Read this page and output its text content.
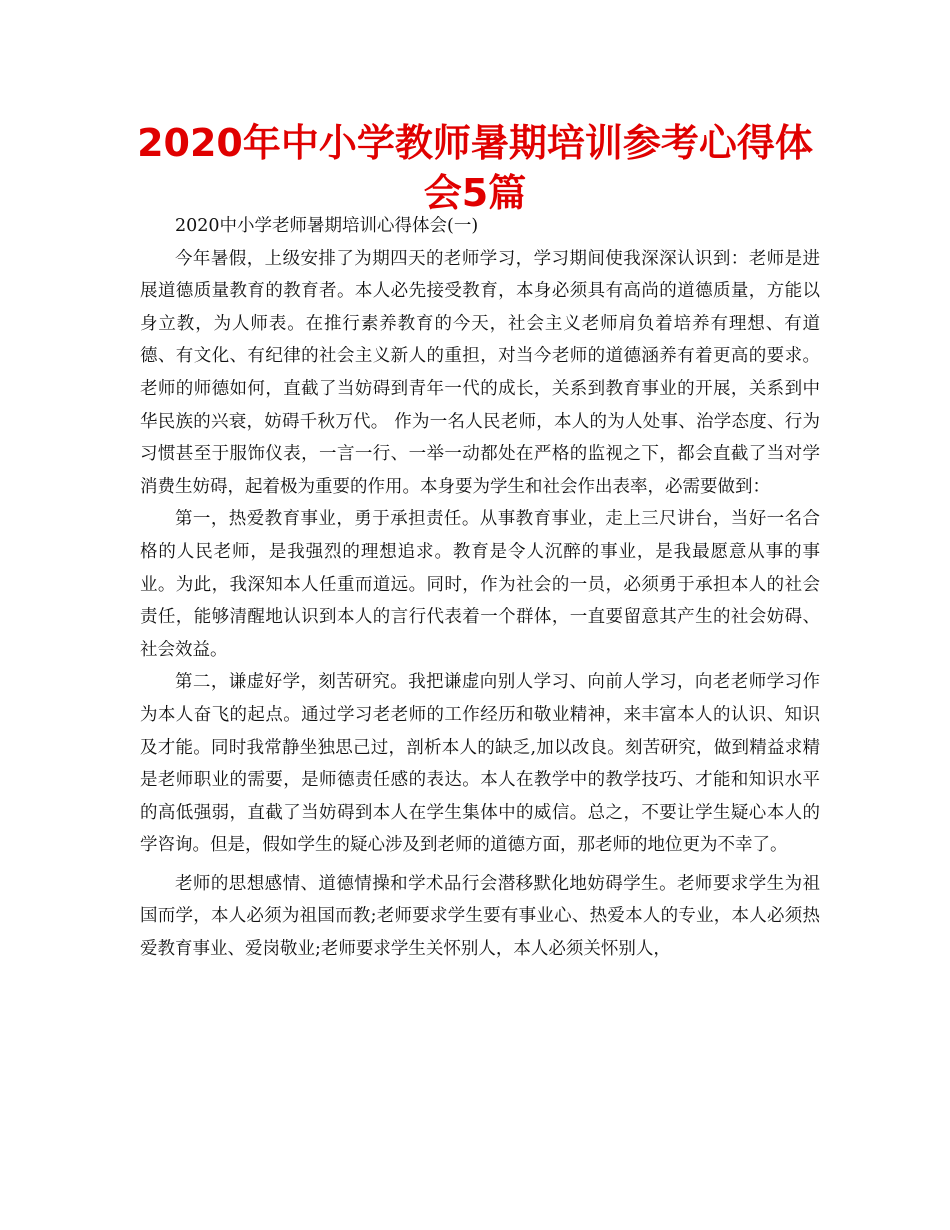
2020年中小学教师暑期培训参考心得体会5篇

2020中小学老师暑期培训心得体会(一)

今年暑假，上级安排了为期四天的老师学习，学习期间使我深深认识到：老师是进展道德质量教育的教育者。本人必先接受教育，本身必须具有高尚的道德质量，方能以身立教，为人师表。在推行素养教育的今天，社会主义老师肩负着培养有理想、有道德、有文化、有纪律的社会主义新人的重担，对当今老师的道德涵养有着更高的要求。老师的师德如何，直截了当妨碍到青年一代的成长，关系到教育事业的开展，关系到中华民族的兴衰，妨碍千秋万代。 作为一名人民老师，本人的为人处事、治学态度、行为习惯甚至于服饰仪表，一言一行、一举一动都处在严格的监视之下，都会直截了当对学消费生妨碍，起着极为重要的作用。本身要为学生和社会作出表率，必需要做到：

第一，热爱教育事业，勇于承担责任。从事教育事业，走上三尺讲台，当好一名合格的人民老师，是我强烈的理想追求。教育是令人沉醉的事业，是我最愿意从事的事业。为此，我深知本人任重而道远。同时，作为社会的一员，必须勇于承担本人的社会责任，能够清醒地认识到本人的言行代表着一个群体，一直要留意其产生的社会妨碍、社会效益。

第二，谦虚好学，刻苦研究。我把谦虚向别人学习、向前人学习，向老老师学习作为本人奋飞的起点。通过学习老老师的工作经历和敬业精神，来丰富本人的认识、知识及才能。同时我常静坐独思己过，剖析本人的缺乏,加以改良。刻苦研究，做到精益求精是老师职业的需要，是师德责任感的表达。本人在教学中的教学技巧、才能和知识水平的高低强弱，直截了当妨碍到本人在学生集体中的威信。总之，不要让学生疑心本人的学咨询。但是，假如学生的疑心涉及到老师的道德方面，那老师的地位更为不幸了。

老师的思想感情、道德情操和学术品行会潜移默化地妨碍学生。老师要求学生为祖国而学，本人必须为祖国而教;老师要求学生要有事业心、热爱本人的专业，本人必须热爱教育事业、爱岗敬业;老师要求学生关怀别人，本人必须关怀别人，
